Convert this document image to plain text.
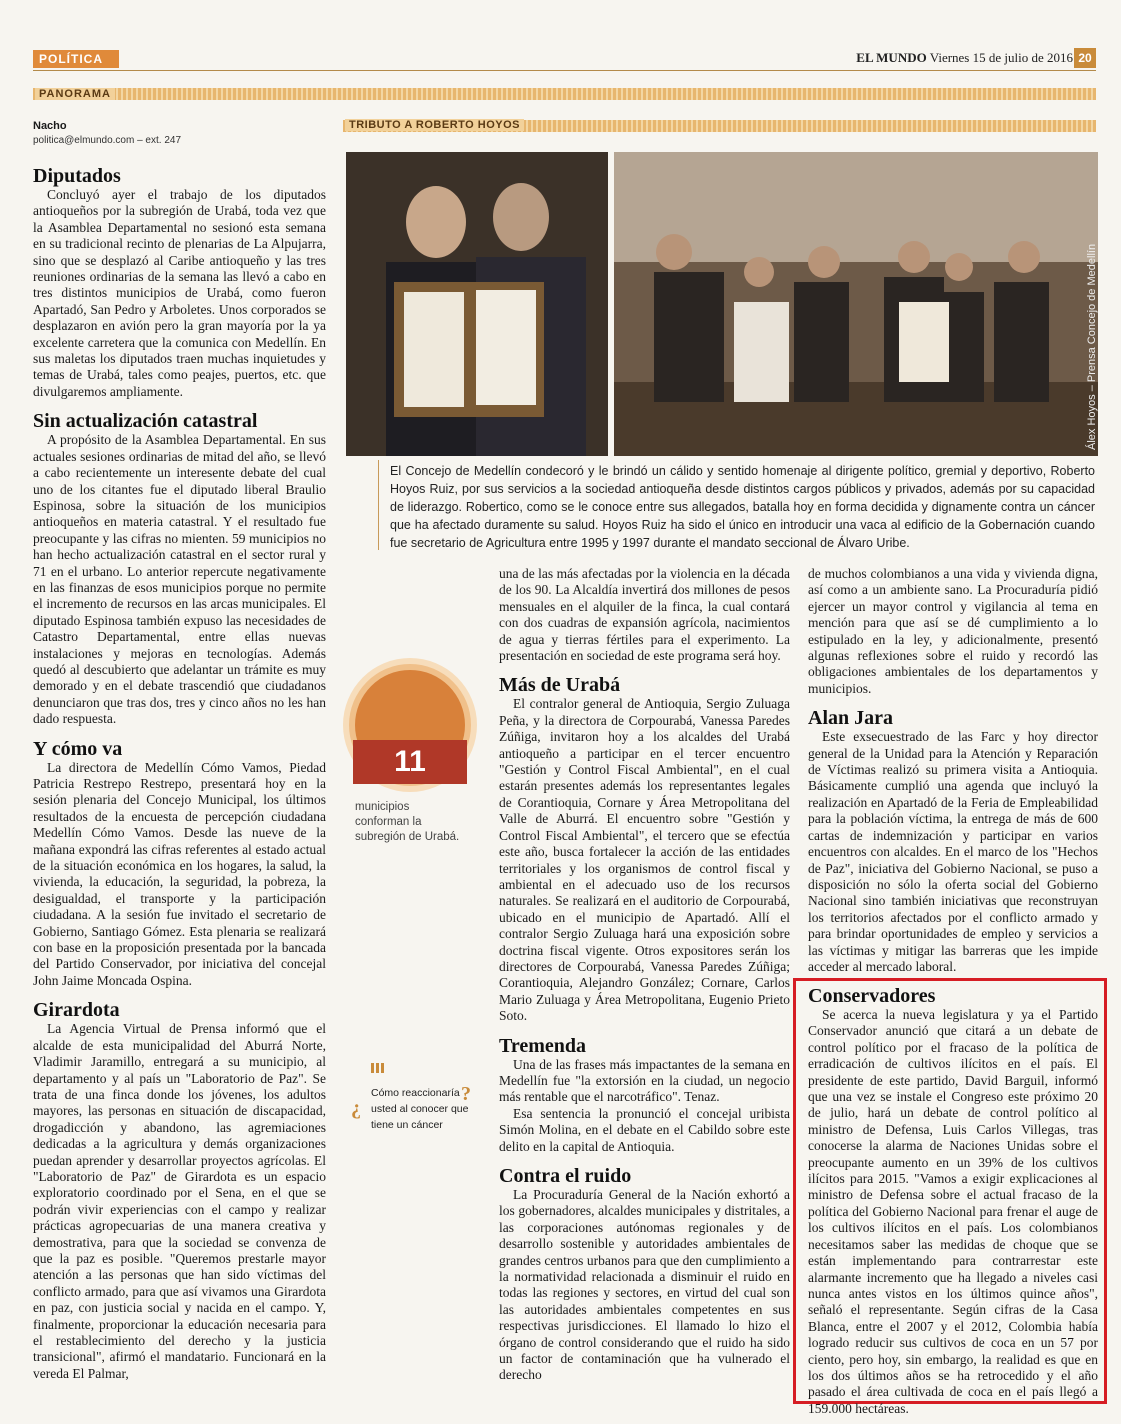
POLÍTICA	EL MUNDO Viernes 15 de julio de 2016 20
PANORAMA
Nacho
politica@elmundo.com – ext. 247
TRIBUTO A ROBERTO HOYOS
Álex Hoyos – Prensa Concejo de Medellín
El Concejo de Medellín condecoró y le brindó un cálido y sentido homenaje al dirigente político, gremial y deportivo, Roberto Hoyos Ruiz, por sus servicios a la sociedad antioqueña desde distintos cargos públicos y privados, además por su capacidad de liderazgo. Robertico, como se le conoce entre sus allegados, batalla hoy en forma decidida y dignamente contra un cáncer que ha afectado duramente su salud. Hoyos Ruiz ha sido el único en introducir una vaca al edificio de la Gobernación cuando fue secretario de Agricultura entre 1995 y 1997 durante el mandato seccional de Álvaro Uribe.
Diputados

Concluyó ayer el trabajo de los diputados antioqueños por la subregión de Urabá, toda vez que la Asamblea Departamental no sesionó esta semana en su tradicional recinto de plenarias de La Alpujarra, sino que se desplazó al Caribe antioqueño y las tres reuniones ordinarias de la semana las llevó a cabo en tres distintos municipios de Urabá, como fueron Apartadó, San Pedro y Arboletes. Unos corporados se desplazaron en avión pero la gran mayoría por la ya excelente carretera que la comunica con Medellín. En sus maletas los diputados traen muchas inquietudes y temas de Urabá, tales como peajes, puertos, etc. que divulgaremos ampliamente.

Sin actualización catastral

A propósito de la Asamblea Departamental. En sus actuales sesiones ordinarias de mitad del año, se llevó a cabo recientemente un interesente debate del cual uno de los citantes fue el diputado liberal Braulio Espinosa, sobre la situación de los municipios antioqueños en materia catastral. Y el resultado fue preocupante y las cifras no mienten. 59 municipios no han hecho actualización catastral en el sector rural y 71 en el urbano. Lo anterior repercute negativamente en las finanzas de esos municipios porque no permite el incremento de recursos en las arcas municipales. El diputado Espinosa también expuso las necesidades de Catastro Departamental, entre ellas nuevas instalaciones y mejoras en tecnologías. Además quedó al descubierto que adelantar un trámite es muy demorado y en el debate trascendió que ciudadanos denunciaron que tras dos, tres y cinco años no les han dado respuesta.

Y cómo va

La directora de Medellín Cómo Vamos, Piedad Patricia Restrepo Restrepo, presentará hoy en la sesión plenaria del Concejo Municipal, los últimos resultados de la encuesta de percepción ciudadana Medellín Cómo Vamos. Desde las nueve de la mañana expondrá las cifras referentes al estado actual de la situación económica en los hogares, la salud, la vivienda, la educación, la seguridad, la pobreza, la desigualdad, el transporte y la participación ciudadana. A la sesión fue invitado el secretario de Gobierno, Santiago Gómez. Esta plenaria se realizará con base en la proposición presentada por la bancada del Partido Conservador, por iniciativa del concejal John Jaime Moncada Ospina.

Girardota

La Agencia Virtual de Prensa informó que el alcalde de esta municipalidad del Aburrá Norte, Vladimir Jaramillo, entregará a su municipio, al departamento y al país un "Laboratorio de Paz". Se trata de una finca donde los jóvenes, los adultos mayores, las personas en situación de discapacidad, drogadicción y abandono, las agremiaciones dedicadas a la agricultura y demás organizaciones puedan aprender y desarrollar proyectos agrícolas. El "Laboratorio de Paz" de Girardota es un espacio exploratorio coordinado por el Sena, en el que se podrán vivir experiencias con el campo y realizar prácticas agropecuarias de una manera creativa y demostrativa, para que la sociedad se convenza de que la paz es posible. "Queremos prestarle mayor atención a las personas que han sido víctimas del conflicto armado, para que así vivamos una Girardota en paz, con justicia social y nacida en el campo. Y, finalmente, proporcionar la educación necesaria para el restablecimiento del derecho y la justicia transicional", afirmó el mandatario. Funcionará en la vereda El Palmar,

11
municipios conforman la subregión de Urabá.
¿
Cómo reaccionaría usted al conocer que tiene un cáncer
?

una de las más afectadas por la violencia en la década de los 90. La Alcaldía invertirá dos millones de pesos mensuales en el alquiler de la finca, la cual contará con dos cuadras de expansión agrícola, nacimientos de agua y tierras fértiles para el experimento. La presentación en sociedad de este programa será hoy.

Más de Urabá

El contralor general de Antioquia, Sergio Zuluaga Peña, y la directora de Corpourabá, Vanessa Paredes Zúñiga, invitaron hoy a los alcaldes del Urabá antioqueño a participar en el tercer encuentro "Gestión y Control Fiscal Ambiental", en el cual estarán presentes además los representantes legales de Corantioquia, Cornare y Área Metropolitana del Valle de Aburrá. El encuentro sobre "Gestión y Control Fiscal Ambiental", el tercero que se efectúa este año, busca fortalecer la acción de las entidades territoriales y los organismos de control fiscal y ambiental en el adecuado uso de los recursos naturales. Se realizará en el auditorio de Corpourabá, ubicado en el municipio de Apartadó. Allí el contralor Sergio Zuluaga hará una exposición sobre doctrina fiscal vigente. Otros expositores serán los directores de Corpourabá, Vanessa Paredes Zúñiga; Corantioquia, Alejandro González; Cornare, Carlos Mario Zuluaga y Área Metropolitana, Eugenio Prieto Soto.

Tremenda

Una de las frases más impactantes de la semana en Medellín fue "la extorsión en la ciudad, un negocio más rentable que el narcotráfico". Tenaz.

Esa sentencia la pronunció el concejal uribista Simón Molina, en el debate en el Cabildo sobre este delito en la capital de Antioquia.

Contra el ruido

La Procuraduría General de la Nación exhortó a los gobernadores, alcaldes municipales y distritales, a las corporaciones autónomas regionales y de desarrollo sostenible y autoridades ambientales de grandes centros urbanos para que den cumplimiento a la normatividad relacionada a disminuir el ruido en todas las regiones y sectores, en virtud del cual son las autoridades ambientales competentes en sus respectivas jurisdicciones. El llamado lo hizo el órgano de control considerando que el ruido ha sido un factor de contaminación que ha vulnerado el derecho

de muchos colombianos a una vida y vivienda digna, así como a un ambiente sano. La Procuraduría pidió ejercer un mayor control y vigilancia al tema en mención para que así se dé cumplimiento a lo estipulado en la ley, y adicionalmente, presentó algunas reflexiones sobre el ruido y recordó las obligaciones ambientales de los departamentos y municipios.

Alan Jara

Este exsecuestrado de las Farc y hoy director general de la Unidad para la Atención y Reparación de Víctimas realizó su primera visita a Antioquia. Básicamente cumplió una agenda que incluyó la realización en Apartadó de la Feria de Empleabilidad para la población víctima, la entrega de más de 600 cartas de indemnización y participar en varios encuentros con alcaldes. En el marco de los "Hechos de Paz", iniciativa del Gobierno Nacional, se puso a disposición no sólo la oferta social del Gobierno Nacional sino también iniciativas que reconstruyan los territorios afectados por el conflicto armado y para brindar oportunidades de empleo y servicios a las víctimas y mitigar las barreras que les impide acceder al mercado laboral.

Conservadores

Se acerca la nueva legislatura y ya el Partido Conservador anunció que citará a un debate de control político por el fracaso de la política de erradicación de cultivos ilícitos en el país. El presidente de este partido, David Barguil, informó que una vez se instale el Congreso este próximo 20 de julio, hará un debate de control político al ministro de Defensa, Luis Carlos Villegas, tras conocerse la alarma de Naciones Unidas sobre el preocupante aumento en un 39% de los cultivos ilícitos para 2015. "Vamos a exigir explicaciones al ministro de Defensa sobre el actual fracaso de la política del Gobierno Nacional para frenar el auge de los cultivos ilícitos en el país. Los colombianos necesitamos saber las medidas de choque que se están implementando para contrarrestar este alarmante incremento que ha llegado a niveles casi nunca antes vistos en los últimos quince años", señaló el representante. Según cifras de la Casa Blanca, entre el 2007 y el 2012, Colombia había logrado reducir sus cultivos de coca en un 57 por ciento, pero hoy, sin embargo, la realidad es que en los dos últimos años se ha retrocedido y el año pasado el área cultivada de coca en el país llegó a 159.000 hectáreas.
